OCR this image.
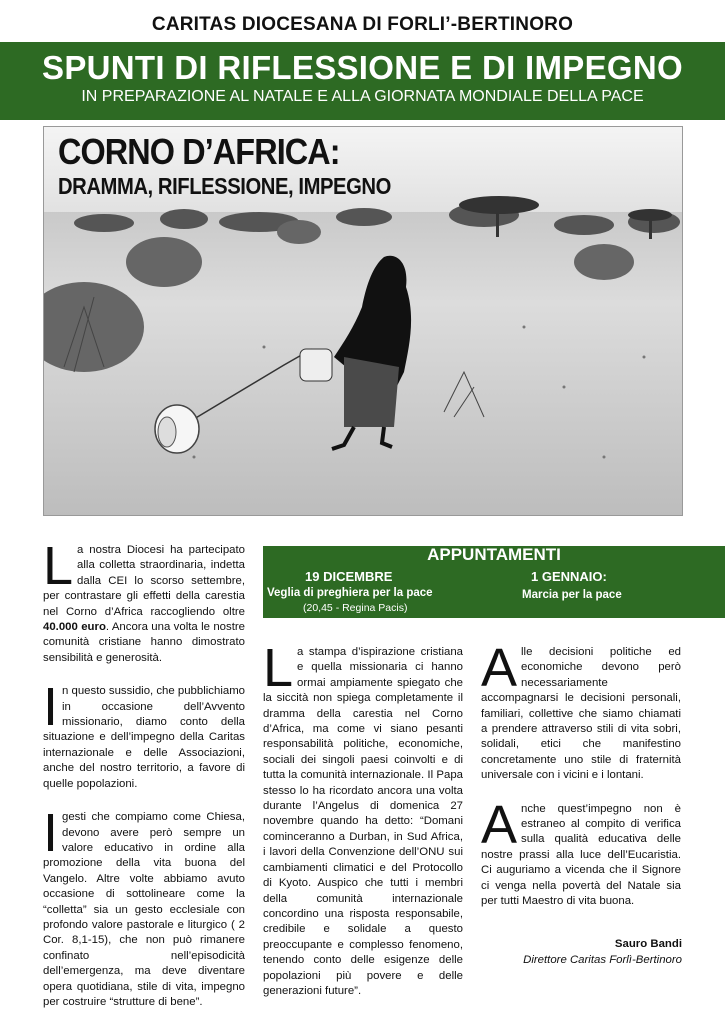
CARITAS DIOCESANA DI FORLI’-BERTINORO
SPUNTI DI RIFLESSIONE E DI IMPEGNO
IN PREPARAZIONE AL NATALE E ALLA GIORNATA MONDIALE DELLA PACE
CORNO D’AFRICA:
DRAMMA, RIFLESSIONE, IMPEGNO

La nostra Diocesi ha partecipato alla colletta straordinaria, indetta dalla CEI lo scorso settembre, per contrastare gli effetti della carestia nel Corno d’Africa raccogliendo oltre 40.000 euro. Ancora una volta le nostre comunità cristiane hanno dimostrato sensibilità e generosità.

In questo sussidio, che pubblichiamo in occasione dell’Avvento missionario, diamo conto della situazione e dell’impegno della Caritas internazionale e delle Associazioni, anche del nostro territorio, a favore di quelle popolazioni.

Igesti che compiamo come Chiesa, devono avere però sempre un valore educativo in ordine alla promozione della vita buona del Vangelo. Altre volte abbiamo avuto occasione di sottolineare come la “colletta” sia un gesto ecclesiale con profondo valore pastorale e liturgico ( 2 Cor. 8,1-15), che non può rimanere confinato nell’episodicità dell’emergenza, ma deve diventare opera quotidiana, stile di vita, impegno per costruire “strutture di bene”.

APPUNTAMENTI
19 DICEMBRE
Veglia di preghiera per la pace
(20,45 - Regina Pacis)
1 GENNAIO:
Marcia per la pace

La stampa d’ispirazione cristiana e quella missionaria ci hanno ormai ampiamente spiegato che la siccità non spiega completamente il dramma della carestia nel Corno d’Africa, ma come vi siano pesanti responsabilità politiche, economiche, sociali dei singoli paesi coinvolti e di tutta la comunità internazionale. Il Papa stesso lo ha ricordato ancora una volta durante l’Angelus di domenica 27 novembre quando ha detto: “Domani cominceranno a Durban, in Sud Africa, i lavori della Convenzione dell’ONU sui cambiamenti climatici e del Protocollo di Kyoto. Auspico che tutti i membri della comunità internazionale concordino una risposta responsabile, credibile e solidale a questo preoccupante e complesso fenomeno, tenendo conto delle esigenze delle popolazioni più povere e delle generazioni future”.

Alle decisioni politiche ed economiche devono però necessariamente accompagnarsi le decisioni personali, familiari, collettive che siamo chiamati a prendere attraverso stili di vita sobri, solidali, etici che manifestino concretamente uno stile di fraternità universale con i vicini e i lontani.

Anche quest’impegno non è estraneo al compito di verifica sulla qualità educativa delle nostre prassi alla luce dell’Eucaristia. Ci auguriamo a vicenda che il Signore ci venga nella povertà del Natale sia per tutti Maestro di vita buona.

Sauro Bandi
Direttore Caritas Forlì-Bertinoro
